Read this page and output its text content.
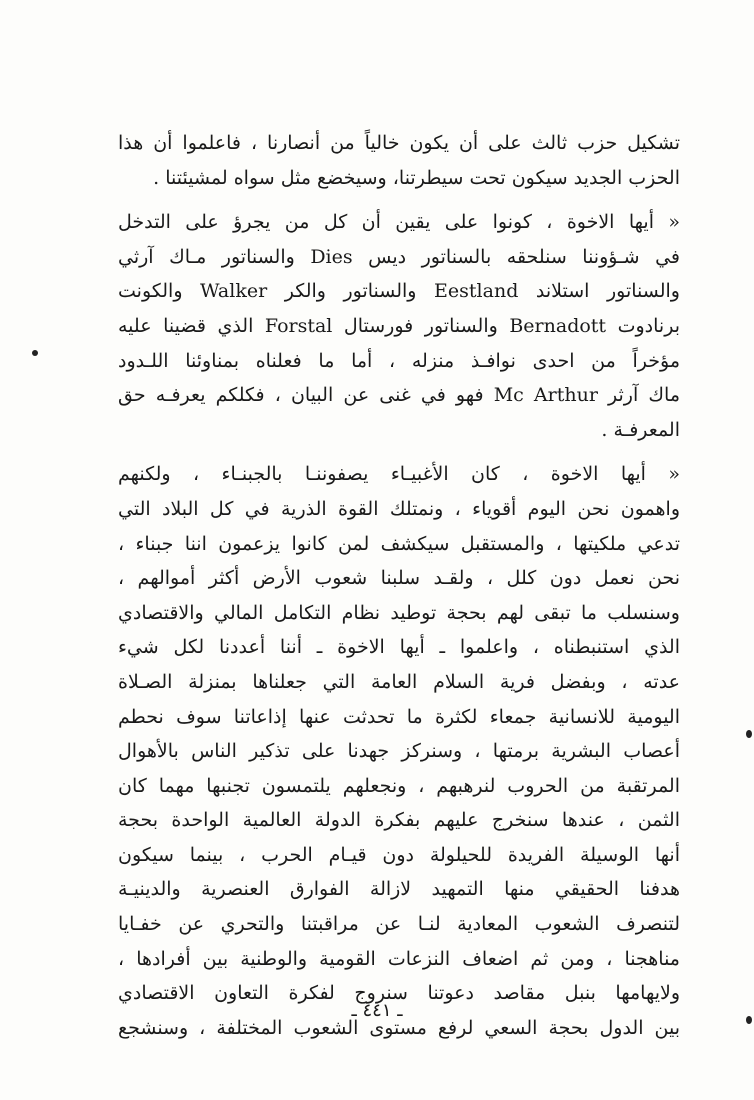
تشكيل حزب ثالث على أن يكون خالياً من أنصارنا ، فاعلموا أن هذا
الحزب الجديد سيكون تحت سيطرتنا، وسيخضع مثل سواه لمشيئتنا .
« أيها الاخوة ، كونوا على يقين أن كل من يجرؤ على التدخل
في شـؤوننا سنلحقه بالسناتور ديس Dies والسناتور مـاك آرثي
والسناتور استلاند Eestland والسناتور والكر Walker والكونت
برنادوت Bernadott والسناتور فورستال Forstal الذي قضينا عليه
مؤخراً من احدى نوافـذ منزله ، أما ما فعلناه بمناوئنا اللـدود
ماك آرثر Mc Arthur فهو في غنى عن البيان ، فكلكم يعرفـه حق
المعرفـة .
« أيها الاخوة ، كان الأغبيـاء يصفوننـا بالجبنـاء ، ولكنهم
واهمون نحن اليوم أقوياء ، ونمتلك القوة الذرية في كل البلاد التي
تدعي ملكيتها ، والمستقبل سيكشف لمن كانوا يزعمون اننا جبناء ،
نحن نعمل دون كلل ، ولقـد سلبنا شعوب الأرض أكثر أموالهم ،
وسنسلب ما تبقى لهم بحجة توطيد نظام التكامل المالي والاقتصادي
الذي استنبطناه ، واعلموا ـ أيها الاخوة ـ أننا أعددنا لكل شيء
عدته ، وبفضل فرية السلام العامة التي جعلناها بمنزلة الصـلاة
اليومية للانسانية جمعاء لكثرة ما تحدثت عنها إذاعاتنا سوف نحطم
أعصاب البشرية برمتها ، وسنركز جهدنا على تذكير الناس بالأهوال
المرتقبة من الحروب لنرهبهم ، ونجعلهم يلتمسون تجنبها مهما كان
الثمن ، عندها سنخرج عليهم بفكرة الدولة العالمية الواحدة بحجة
أنها الوسيلة الفريدة للحيلولة دون قيـام الحرب ، بينما سيكون
هدفنا الحقيقي منها التمهيد لازالة الفوارق العنصرية والدينيـة
لتنصرف الشعوب المعادية لنـا عن مراقبتنا والتحري عن خفـايا
مناهجنا ، ومن ثم اضعاف النزعات القومية والوطنية بين أفرادها ،
ولايهامها بنبل مقاصد دعوتنا سنروج لفكرة التعاون الاقتصادي
بين الدول بحجة السعي لرفع مستوى الشعوب المختلفة ، وسنشجع
ـ ٤٤١ ـ
